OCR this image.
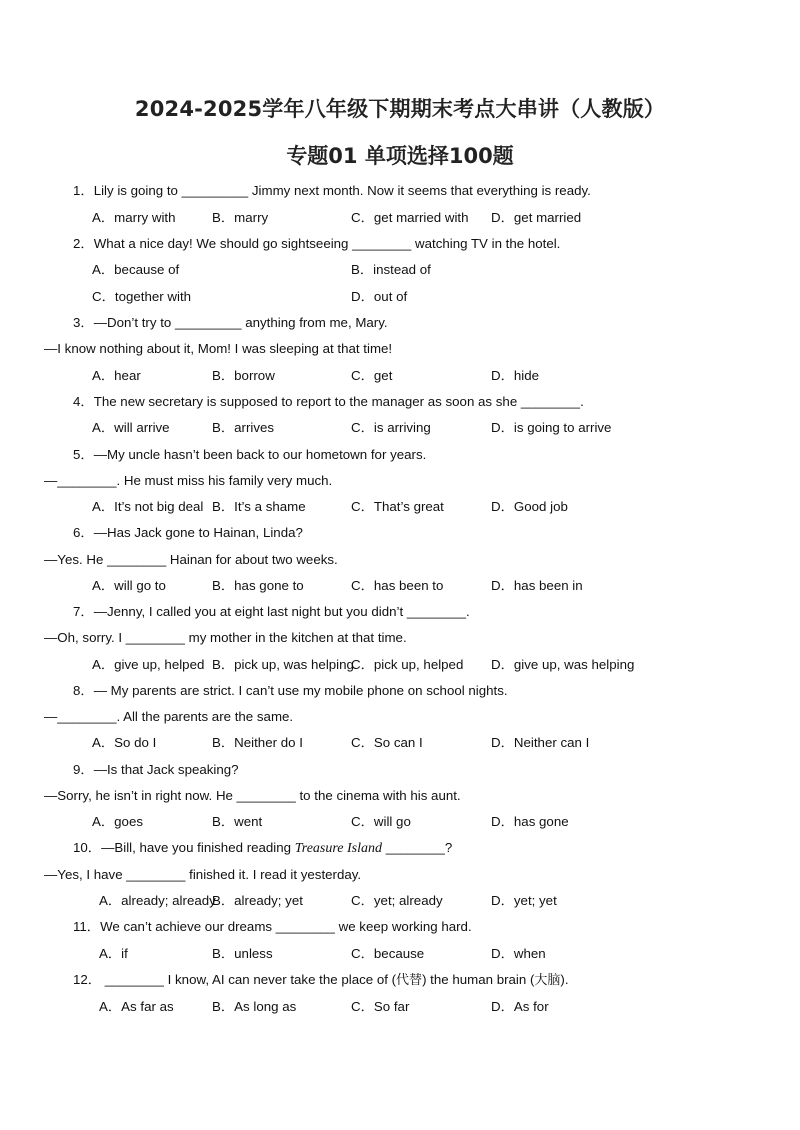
2024-2025学年八年级下期期末考点大串讲（人教版）
专题01 单项选择100题
1．Lily is going to _________ Jimmy next month. Now it seems that everything is ready.
A．marry with	B．marry	C．get married with D．get married
2．What a nice day! We should go sightseeing ________ watching TV in the hotel.
A．because of	B．instead of
C．together with	D．out of
3．—Don’t try to _________ anything from me, Mary.
—I know nothing about it, Mom! I was sleeping at that time!
A．hear	B．borrow	C．get	D．hide
4．The new secretary is supposed to report to the manager as soon as she ________.
A．will arrive	B．arrives	C．is arriving	D．is going to arrive
5．—My uncle hasn’t been back to our hometown for years.
—________. He must miss his family very much.
A．It’s not big deal B．It’s a shame	C．That’s great	D．Good job
6．—Has Jack gone to Hainan, Linda?
—Yes. He ________ Hainan for about two weeks.
A．will go to	B．has gone to	C．has been to	D．has been in
7．—Jenny, I called you at eight last night but you didn’t ________.
—Oh, sorry. I ________ my mother in the kitchen at that time.
A．give up, helped B．pick up, was helping
C．pick up, helped D．give up, was helping
8．— My parents are strict. I can’t use my mobile phone on school nights.
—________. All the parents are the same.
A．So do I	B．Neither do I	C．So can I	D．Neither can I
9．—Is that Jack speaking?
—Sorry, he isn’t in right now. He ________ to the cinema with his aunt.
A．goes	B．went	C．will go	D．has gone
10．—Bill, have you finished reading Treasure Island ________?
—Yes, I have ________ finished it. I read it yesterday.
A．already; already
B．already; yet	C．yet; already	D．yet; yet
11．We can’t achieve our dreams ________ we keep working hard.
A．if	B．unless	C．because	D．when
12． ________ I know, AI can never take the place of (代替) the human brain (大脑).
A．As far as	B．As long as	C．So far	D．As for
